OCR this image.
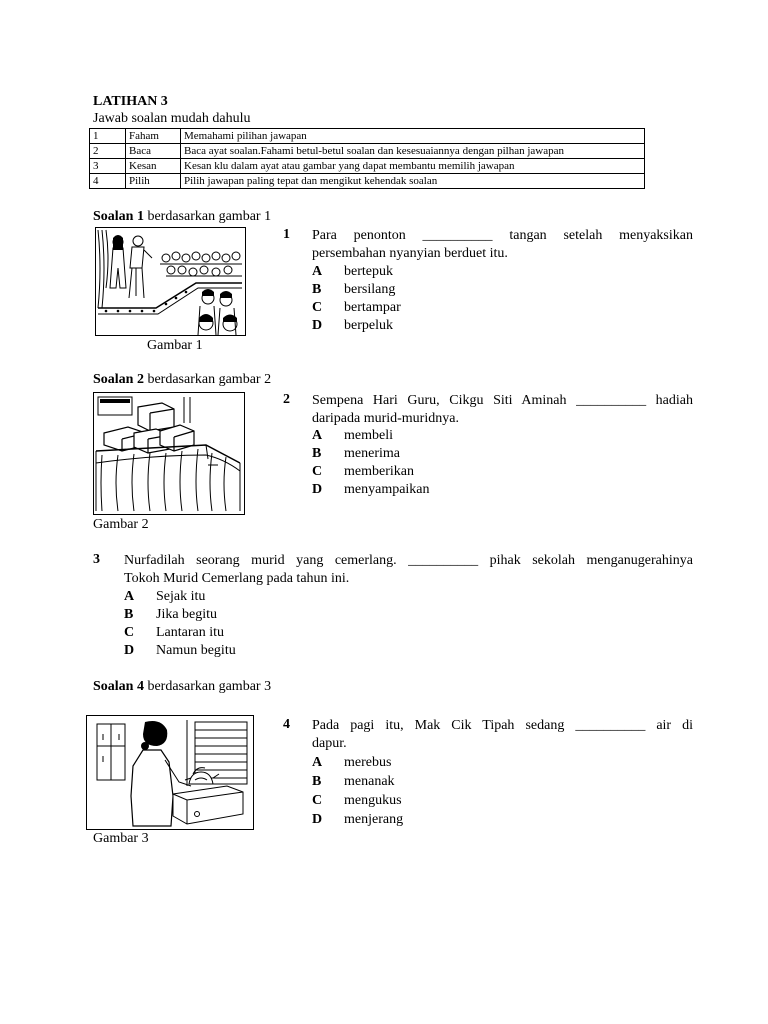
LATIHAN 3
Jawab soalan mudah dahulu
1	Faham	Memahami pilihan jawapan
2	Baca	Baca ayat soalan.Fahami betul-betul soalan dan kesesuaiannya dengan pilhan jawapan
3	Kesan	Kesan klu dalam ayat atau gambar yang dapat membantu memilih jawapan
4	Pilih	Pilih jawapan paling tepat dan mengikut kehendak soalan
Soalan 1 berdasarkan gambar 1
Gambar 1
1 Para penonton __________ tangan setelah menyaksikan
persembahan nyanyian berduet itu.
A bertepuk
B bersilang
C bertampar
D berpeluk
Soalan 2 berdasarkan gambar 2
Gambar 2
2 Sempena Hari Guru, Cikgu Siti Aminah __________ hadiah
daripada murid-muridnya.
A membeli
B menerima
C memberikan
D menyampaikan
3	Nurfadilah seorang murid yang cemerlang. __________ pihak sekolah menganugerahinya
Tokoh Murid Cemerlang pada tahun ini.
A Sejak itu
B Jika begitu
C Lantaran itu
D Namun begitu
Soalan 4 berdasarkan gambar 3
Gambar 3
4 Pada pagi itu, Mak Cik Tipah sedang __________ air di
dapur.
A merebus
B menanak
C mengukus
D menjerang
